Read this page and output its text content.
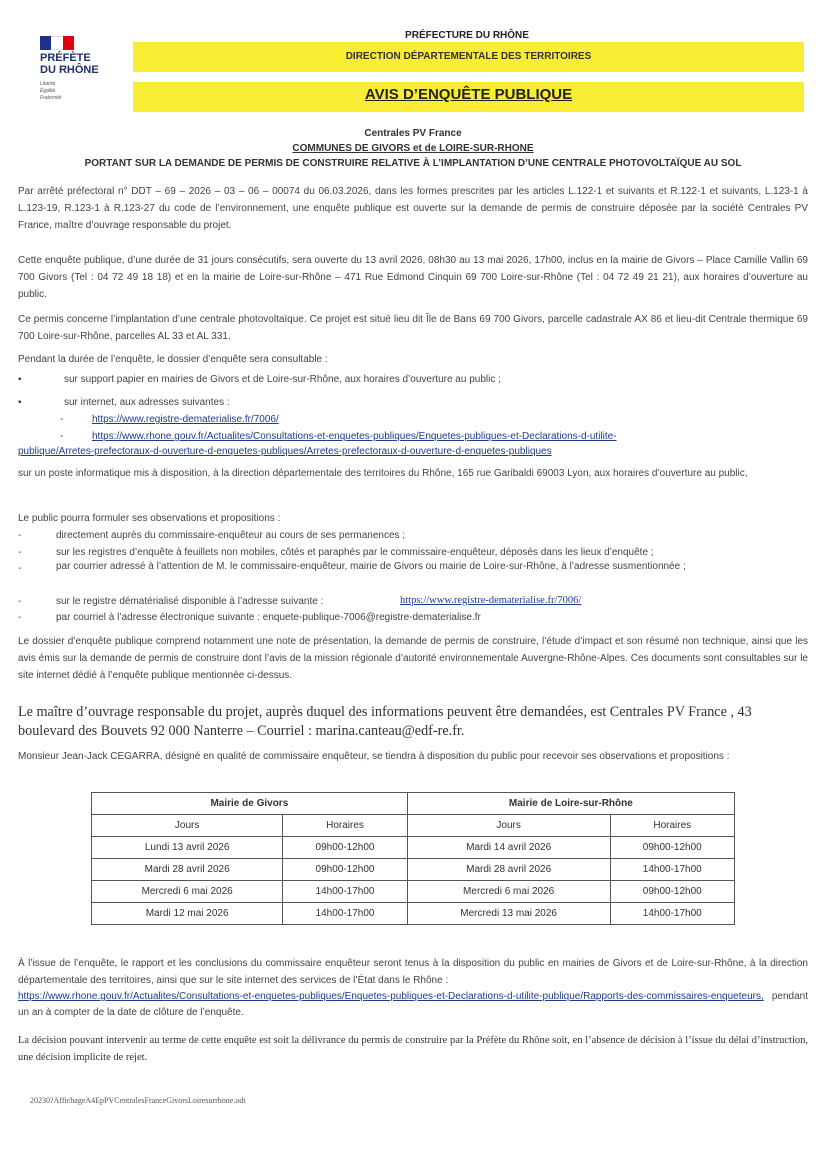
PRÉFÈTE
DU RHÔNE
Liberté
Égalité
Fraternité
PRÉFECTURE DU RHÔNE
DIRECTION DÉPARTEMENTALE DES TERRITOIRES
AVIS D’ENQUÊTE PUBLIQUE
Centrales PV France
COMMUNES DE GIVORS et de LOIRE-SUR-RHONE
PORTANT SUR LA DEMANDE DE PERMIS DE CONSTRUIRE RELATIVE À L’IMPLANTATION D’UNE CENTRALE PHOTOVOLTAÏQUE AU SOL
Par arrêté préfectoral n° DDT – 69 – 2026 – 03 – 06 – 00074 du 06.03.2026, dans les formes prescrites par les articles L.122-1 et suivants et R.122-1 et suivants, L.123-1 à L.123-19, R.123-1 à R.123-27 du code de l’environnement, une enquête publique est ouverte sur la demande de permis de construire déposée par la société Centrales PV France, maître d’ouvrage responsable du projet.
Cette enquête publique, d’une durée de 31 jours consécutifs, sera ouverte du 13 avril 2026, 08h30 au 13 mai 2026, 17h00, inclus en la mairie de Givors – Place Camille Vallin 69 700 Givors (Tel : 04 72 49 18 18) et en la mairie de Loire-sur-Rhône – 471 Rue Edmond Cinquin 69 700 Loire-sur-Rhône (Tel : 04 72 49 21 21), aux horaires d’ouverture au public.
Ce permis concerne l’implantation d’une centrale photovoltaïque. Ce projet est situé lieu dit Île de Bans 69 700 Givors, parcelle cadastrale AX 86 et lieu-dit Centrale thermique 69 700 Loire-sur-Rhône, parcelles AL 33 et AL 331.
Pendant la durée de l’enquête, le dossier d’enquête sera consultable :
▪	sur support papier en mairies de Givors et de Loire-sur-Rhône, aux horaires d’ouverture au public ;
▪	sur internet, aux adresses suivantes :
-	https://www.registre-dematerialise.fr/7006/
-	https://www.rhone.gouv.fr/Actualites/Consultations-et-enquetes-publiques/Enquetes-publiques-et-Declarations-d-utilite-
publique/Arretes-prefectoraux-d-ouverture-d-enquetes-publiques/Arretes-prefectoraux-d-ouverture-d-enquetes-publiques
sur un poste informatique mis à disposition, à la direction départementale des territoires du Rhône, 165 rue Garibaldi 69003 Lyon, aux horaires d’ouverture au public,
Le public pourra formuler ses observations et propositions :
-	directement auprès du commissaire-enquêteur au cours de ses permanences ;
-	sur les registres d’enquête à feuillets non mobiles, côtés et paraphés par le commissaire-enquêteur, déposés dans les lieux d’enquête ;
-	par courrier adressé à l’attention de M. le commissaire-enquêteur, mairie de Givors ou mairie de Loire-sur-Rhône, à l’adresse susmentionnée ;
-	sur le registre dématérialisé disponible à l’adresse suivante :	https://www.registre-dematerialise.fr/7006/
-	par courriel à l’adresse électronique suivante : enquete-publique-7006@registre-dematerialise.fr
Le dossier d’enquête publique comprend notamment une note de présentation, la demande de permis de construire, l’étude d’impact et son résumé non technique, ainsi que les avis émis sur la demande de permis de construire dont l’avis de la mission régionale d’autorité environnementale Auvergne-Rhône-Alpes. Ces documents sont consultables sur le site internet dédié à l’enquête publique mentionnée ci-dessus.
Le maître d’ouvrage responsable du projet, auprès duquel des informations peuvent être demandées, est Centrales PV France , 43 boulevard des Bouvets 92 000 Nanterre – Courriel : marina.canteau@edf-re.fr.
Monsieur Jean-Jack CEGARRA, désigné en qualité de commissaire enquêteur, se tiendra à disposition du public pour recevoir ses observations et propositions :
Mairie de Givors		Mairie de Loire-sur-Rhône	
Jours	Horaires	Jours	Horaires
Lundi 13 avril 2026	09h00-12h00	Mardi 14 avril 2026	09h00-12h00
Mardi 28 avril 2026	09h00-12h00	Mardi 28 avril 2026	14h00-17h00
Mercredi 6 mai 2026	14h00-17h00	Mercredi 6 mai 2026	09h00-12h00
Mardi 12 mai 2026	14h00-17h00	Mercredi 13 mai 2026	14h00-17h00
À l’issue de l’enquête, le rapport et les conclusions du commissaire enquêteur seront tenus à la disposition du public en mairies de Givors et de Loire-sur-Rhône, à la direction départementale des territoires, ainsi que sur le site internet des services de l’État dans le Rhône :
https://www.rhone.gouv.fr/Actualites/Consultations-et-enquetes-publiques/Enquetes-publiques-et-Declarations-d-utilite-publique/Rapports-des-commissaires-enqueteurs, pendant un an à compter de la date de clôture de l’enquête.
La décision pouvant intervenir au terme de cette enquête est soit la délivrance du permis de construire par la Préfète du Rhône soit, en l’absence de décision à l’issue du délai d’instruction, une décision implicite de rejet.
20230?AffichageA4EpPVCentralesFranceGivorsLoiresurrhone.odt
